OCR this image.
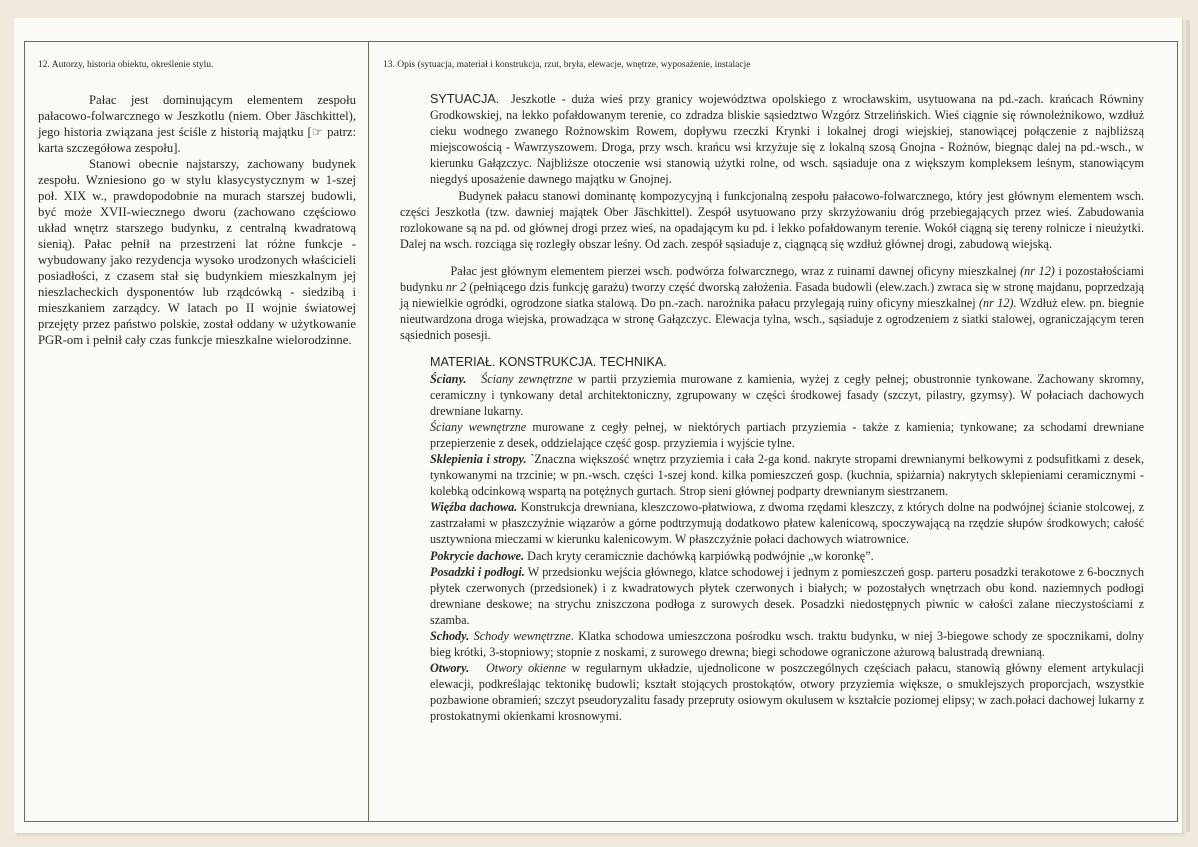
12. Autorzy, historia obiektu, określenie stylu.	13. Opis (sytuacja, materiał i konstrukcja, rzut, bryła, elewacje, wnętrze, wyposażenie, instalacje

Pałac jest dominującym elementem zespołu pałacowo-folwarcznego w Jeszkotlu (niem. Ober Jäschkittel), jego historia związana jest ściśle z historią majątku [☞ patrz: karta szczegółowa zespołu].

Stanowi obecnie najstarszy, zachowany budynek zespołu. Wzniesiono go w stylu klasycystycznym w 1-szej poł. XIX w., prawdopodobnie na murach starszej budowli, być może XVII-wiecznego dworu (zachowano częściowo układ wnętrz starszego budynku, z centralną kwadratową sienią). Pałac pełnił na przestrzeni lat różne funkcje - wybudowany jako rezydencja wysoko urodzonych właścicieli posiadłości, z czasem stał się budynkiem mieszkalnym jej nieszlacheckich dysponentów lub rządcówką - siedzibą i mieszkaniem zarządcy. W latach po II wojnie światowej przejęty przez państwo polskie, został oddany w użytkowanie PGR-om i pełnił cały czas funkcje mieszkalne wielorodzinne.

SYTUACJA. Jeszkotle - duża wieś przy granicy województwa opolskiego z wrocławskim, usytuowana na pd.-zach. krańcach Równiny Grodkowskiej, na lekko pofałdowanym terenie, co zdradza bliskie sąsiedztwo Wzgórz Strzelińskich. Wieś ciągnie się równoleżnikowo, wzdłuż cieku wodnego zwanego Rożnowskim Rowem, dopływu rzeczki Krynki i lokalnej drogi wiejskiej, stanowiącej połączenie z najbliższą miejscowością - Wawrzyszowem. Droga, przy wsch. krańcu wsi krzyżuje się z lokalną szosą Gnojna - Rożnów, biegnąc dalej na pd.-wsch., w kierunku Gałązczyc. Najbliższe otoczenie wsi stanowią użytki rolne, od wsch. sąsiaduje ona z większym kompleksem leśnym, stanowiącym niegdyś uposażenie dawnego majątku w Gnojnej.

Budynek pałacu stanowi dominantę kompozycyjną i funkcjonalną zespołu pałacowo-folwarcznego, który jest głównym elementem wsch. części Jeszkotla (tzw. dawniej majątek Ober Jäschkittel). Zespół usytuowano przy skrzyżowaniu dróg przebiegających przez wieś. Zabudowania rozlokowane są na pd. od głównej drogi przez wieś, na opadającym ku pd. i lekko pofałdowanym terenie. Wokół ciągną się tereny rolnicze i nieużytki. Dalej na wsch. rozciąga się rozległy obszar leśny. Od zach. zespół sąsiaduje z, ciągnącą się wzdłuż głównej drogi, zabudową wiejską.

Pałac jest głównym elementem pierzei wsch. podwórza folwarcznego, wraz z ruinami dawnej oficyny mieszkalnej (nr 12) i pozostałościami budynku nr 2 (pełniącego dzis funkcję garażu) tworzy część dworską założenia. Fasada budowli (elew.zach.) zwraca się w stronę majdanu, poprzedzają ją niewielkie ogródki, ogrodzone siatka stalową. Do pn.-zach. narożnika pałacu przylegają ruiny oficyny mieszkalnej (nr 12). Wzdłuż elew. pn. biegnie nieutwardzona droga wiejska, prowadząca w stronę Gałązczyc. Elewacja tylna, wsch., sąsiaduje z ogrodzeniem z siatki stalowej, ograniczającym teren sąsiednich posesji.

MATERIAŁ. KONSTRUKCJA. TECHNIKA.

Ściany. Ściany zewnętrzne w partii przyziemia murowane z kamienia, wyżej z cegły pełnej; obustronnie tynkowane. Zachowany skromny, ceramiczny i tynkowany detal architektoniczny, zgrupowany w części środkowej fasady (szczyt, pilastry, gzymsy). W połaciach dachowych drewniane lukarny.

Ściany wewnętrzne murowane z cegły pełnej, w niektórych partiach przyziemia - także z kamienia; tynkowane; za schodami drewniane przepierzenie z desek, oddzielające część gosp. przyziemia i wyjście tylne.

Sklepienia i stropy. `Znaczna większość wnętrz przyziemia i cała 2-ga kond. nakryte stropami drewnianymi belkowymi z podsufitkami z desek, tynkowanymi na trzcinie; w pn.-wsch. części 1-szej kond. kilka pomieszczeń gosp. (kuchnia, spiżarnia) nakrytych sklepieniami ceramicznymi - kolebką odcinkową wspartą na potężnych gurtach. Strop sieni głównej podparty drewnianym siestrzanem.

Więźba dachowa. Konstrukcja drewniana, kleszczowo-płatwiowa, z dwoma rzędami kleszczy, z których dolne na podwójnej ścianie stolcowej, z zastrzałami w płaszczyźnie wiązarów a górne podtrzymują dodatkowo płatew kalenicową, spoczywającą na rzędzie słupów środkowych; całość usztywniona mieczami w kierunku kalenicowym. W płaszczyźnie połaci dachowych wiatrownice.

Pokrycie dachowe. Dach kryty ceramicznie dachówką karpiówką podwójnie „w koronkę”.

Posadzki i podłogi. W przedsionku wejścia głównego, klatce schodowej i jednym z pomieszczeń gosp. parteru posadzki terakotowe z 6-bocznych płytek czerwonych (przedsionek) i z kwadratowych płytek czerwonych i białych; w pozostałych wnętrzach obu kond. naziemnych podłogi drewniane deskowe; na strychu zniszczona podłoga z surowych desek. Posadzki niedostępnych piwnic w całości zalane nieczystościami z szamba.

Schody. Schody wewnętrzne. Klatka schodowa umieszczona pośrodku wsch. traktu budynku, w niej 3-biegowe schody ze spocznikami, dolny bieg krótki, 3-stopniowy; stopnie z noskami, z surowego drewna; biegi schodowe ograniczone ażurową balustradą drewnianą.

Otwory. Otwory okienne w regularnym układzie, ujednolicone w poszczególnych częściach pałacu, stanowią główny element artykulacji elewacji, podkreślając tektonikę budowli; kształt stojących prostokątów, otwory przyziemia większe, o smuklejszych proporcjach, wszystkie pozbawione obramień; szczyt pseudoryzalitu fasady przepruty osiowym okulusem w kształcie poziomej elipsy; w zach.połaci dachowej lukarny z prostokatnymi okienkami krosnowymi.
